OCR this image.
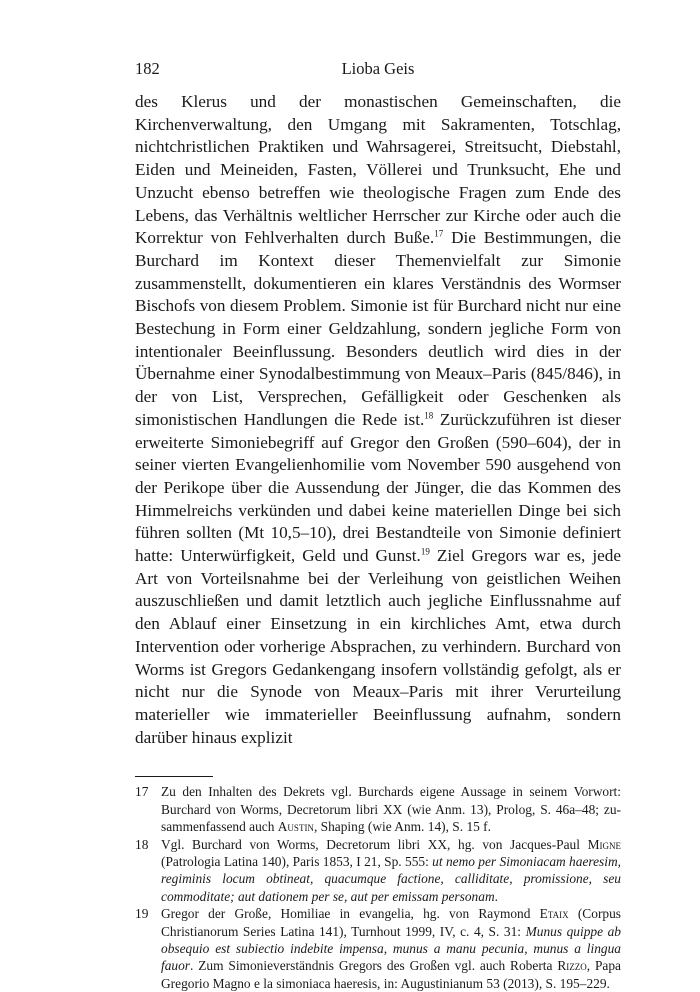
182	Lioba Geis

des Klerus und der monastischen Gemeinschaften, die Kirchenverwaltung, den Umgang mit Sakramenten, Totschlag, nichtchristlichen Praktiken und Wahrsagerei, Streitsucht, Diebstahl, Eiden und Meineiden, Fasten, Völlerei und Trunksucht, Ehe und Unzucht ebenso betreffen wie theologische Fragen zum Ende des Lebens, das Verhältnis weltlicher Herrscher zur Kirche oder auch die Korrektur von Fehlverhalten durch Buße.$^{17}$ Die Bestimmungen, die Burchard im Kontext dieser Themenvielfalt zur Simonie zusammenstellt, dokumentieren ein klares Verständnis des Wormser Bischofs von diesem Problem. Simonie ist für Burchard nicht nur eine Bestechung in Form einer Geldzahlung, sondern jegliche Form von intentionaler Beeinflussung. Besonders deutlich wird dies in der Übernahme einer Synodalbestimmung von Meaux–Paris (845/846), in der von List, Versprechen, Gefälligkeit oder Geschenken als simonistischen Handlungen die Rede ist.$^{18}$ Zurückzuführen ist dieser erweiterte Simoniebegriff auf Gregor den Großen (590–604), der in seiner vierten Evangelienhomilie vom November 590 ausgehend von der Perikope über die Aussendung der Jünger, die das Kommen des Himmelreichs verkünden und dabei keine materiellen Dinge bei sich führen sollten (Mt 10,5–10), drei Bestandteile von Simonie definiert hatte: Unterwürfigkeit, Geld und Gunst.$^{19}$ Ziel Gregors war es, jede Art von Vorteilsnahme bei der Verleihung von geistlichen Weihen auszuschließen und damit letztlich auch jegliche Einflussnahme auf den Ablauf einer Einsetzung in ein kirchliches Amt, etwa durch Intervention oder vorherige Absprachen, zu verhindern. Burchard von Worms ist Gregors Gedankengang insofern vollständig gefolgt, als er nicht nur die Synode von Meaux–Paris mit ihrer Verurteilung materieller wie immaterieller Beeinflussung aufnahm, sondern darüber hinaus explizit

17 Zu den Inhalten des Dekrets vgl. Burchards eigene Aussage in seinem Vorwort: Burchard von Worms, Decretorum libri XX (wie Anm. 13), Prolog, S. 46a–48; zusammenfassend auch Austin, Shaping (wie Anm. 14), S. 15 f.
18 Vgl. Burchard von Worms, Decretorum libri XX, hg. von Jacques-Paul Migne (Patrologia Latina 140), Paris 1853, I 21, Sp. 555: ut nemo per Simoniacam haeresim, regiminis locum obtineat, quacumque factione, calliditate, promissione, seu commoditate; aut dationem per se, aut per emissam personam.
19 Gregor der Große, Homiliae in evangelia, hg. von Raymond Etaix (Corpus Christianorum Series Latina 141), Turnhout 1999, IV, c. 4, S. 31: Munus quippe ab obsequio est subiectio indebite impensa, munus a manu pecunia, munus a lingua fauor. Zum Simonieverständnis Gregors des Großen vgl. auch Roberta Rizzo, Papa Gregorio Magno e la simoniaca haeresis, in: Augustinianum 53 (2013), S. 195–229.
